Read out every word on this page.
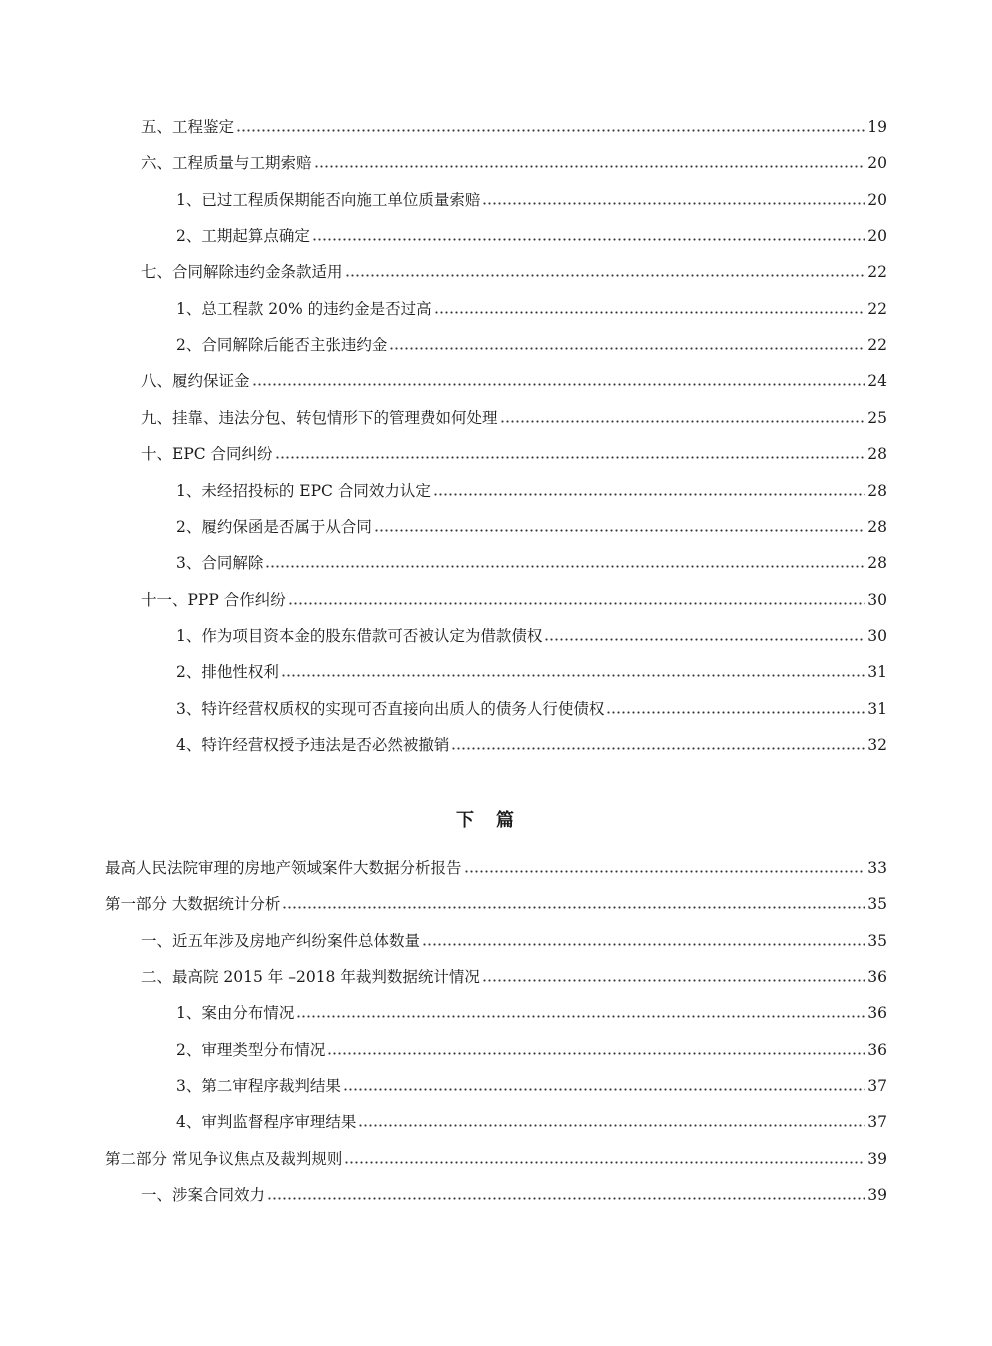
五、工程鉴定	19
六、工程质量与工期索赔	20
1、已过工程质保期能否向施工单位质量索赔	20
2、工期起算点确定	20
七、合同解除违约金条款适用	22
1、总工程款 20% 的违约金是否过高	22
2、合同解除后能否主张违约金	22
八、履约保证金	24
九、挂靠、违法分包、转包情形下的管理费如何处理	25
十、EPC 合同纠纷	28
1、未经招投标的 EPC 合同效力认定	28
2、履约保函是否属于从合同	28
3、合同解除	28
十一、PPP 合作纠纷	30
1、作为项目资本金的股东借款可否被认定为借款债权	30
2、排他性权利	31
3、特许经营权质权的实现可否直接向出质人的债务人行使债权	31
4、特许经营权授予违法是否必然被撤销	32
最高人民法院审理的房地产领域案件大数据分析报告	33
第一部分 大数据统计分析	35
一、近五年涉及房地产纠纷案件总体数量	35
二、最高院 2015 年 –2018 年裁判数据统计情况	36
1、案由分布情况	36
2、审理类型分布情况	36
3、第二审程序裁判结果	37
4、审判监督程序审理结果	37
第二部分 常见争议焦点及裁判规则	39
一、涉案合同效力	39
下篇
